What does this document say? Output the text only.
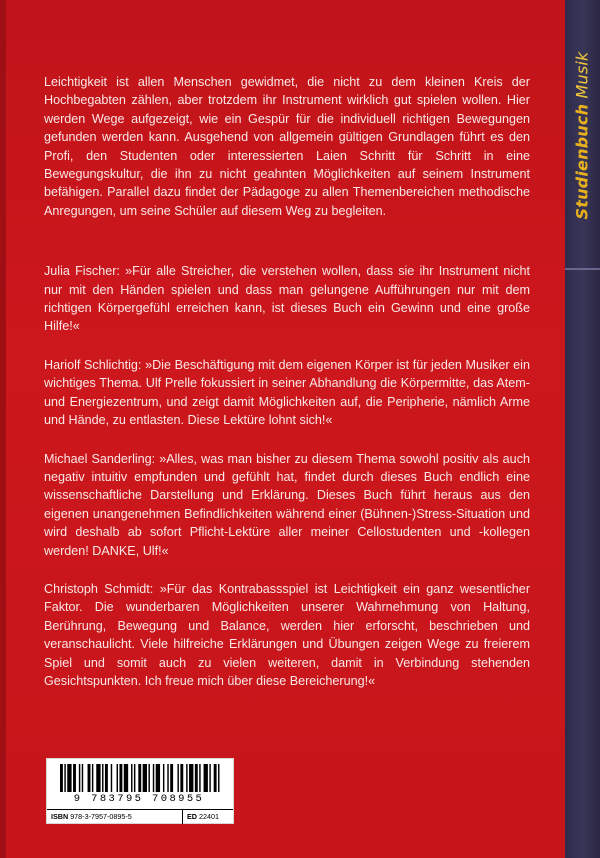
Studienbuch Musik

Leichtigkeit ist allen Menschen gewidmet, die nicht zu dem kleinen Kreis der Hochbegabten zählen, aber trotzdem ihr Instrument wirklich gut spielen wollen. Hier werden Wege aufgezeigt, wie ein Gespür für die individuell richtigen Bewegungen gefunden werden kann. Ausgehend von allgemein gültigen Grundlagen führt es den Profi, den Studenten oder interessierten Laien Schritt für Schritt in eine Bewegungskultur, die ihn zu nicht geahnten Möglichkeiten auf seinem Instrument befähigen. Parallel dazu findet der Pädagoge zu allen Themenbereichen methodische Anregungen, um seine Schüler auf diesem Weg zu begleiten.

Julia Fischer: »Für alle Streicher, die verstehen wollen, dass sie ihr Instrument nicht nur mit den Händen spielen und dass man gelungene Aufführungen nur mit dem richtigen Körpergefühl erreichen kann, ist dieses Buch ein Gewinn und eine große Hilfe!«

Hariolf Schlichtig: »Die Beschäftigung mit dem eigenen Körper ist für jeden Musiker ein wichtiges Thema. Ulf Prelle fokussiert in seiner Abhandlung die Körpermitte, das Atem- und Energiezentrum, und zeigt damit Möglichkeiten auf, die Peripherie, nämlich Arme und Hände, zu entlasten. Diese Lektüre lohnt sich!«

Michael Sanderling: »Alles, was man bisher zu diesem Thema sowohl positiv als auch negativ intuitiv empfunden und gefühlt hat, findet durch dieses Buch endlich eine wissenschaftliche Darstellung und Erklärung. Dieses Buch führt heraus aus den eigenen unangenehmen Befindlichkeiten während einer (Bühnen-)Stress-Situation und wird deshalb ab sofort Pflicht-Lektüre aller meiner Cellostudenten und -kollegen werden! DANKE, Ulf!«

Christoph Schmidt: »Für das Kontrabassspiel ist Leichtigkeit ein ganz wesentlicher Faktor. Die wunderbaren Möglichkeiten unserer Wahrnehmung von Haltung, Berührung, Bewegung und Balance, werden hier erforscht, beschrieben und veranschaulicht. Viele hilfreiche Erklärungen und Übungen zeigen Wege zu freierem Spiel und somit auch zu vielen weiteren, damit in Verbindung stehenden Gesichtspunkten. Ich freue mich über diese Bereicherung!«

9 783795 708955
ISBN 978-3-7957-0895-5	ED 22401
